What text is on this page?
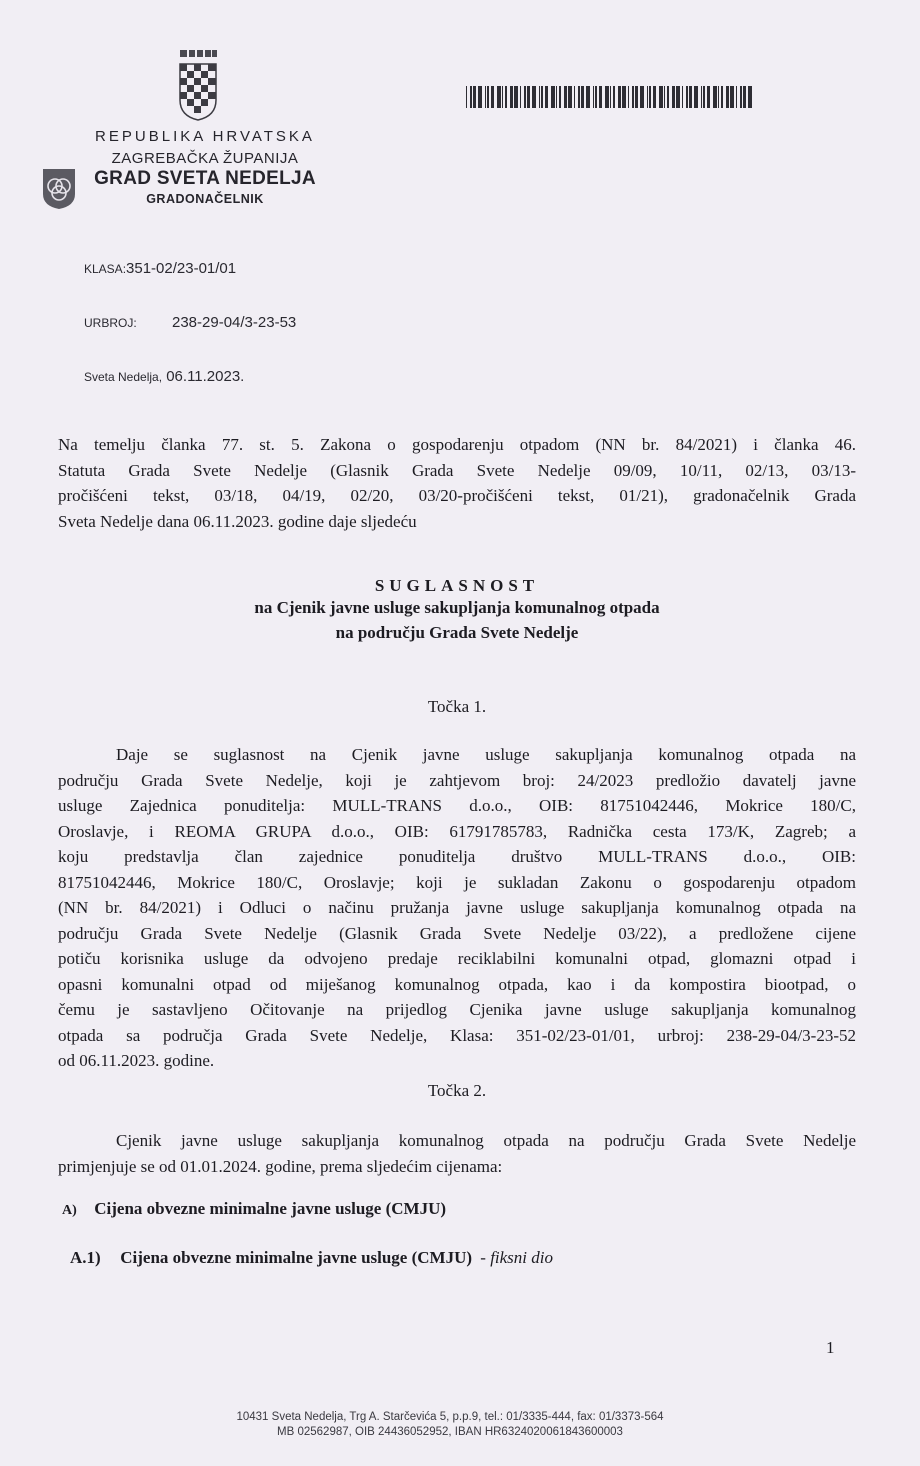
REPUBLIKA HRVATSKA
ZAGREBAČKA ŽUPANIJA
GRAD SVETA NEDELJA
GRADONAČELNIK
KLASA:351-02/23-01/01
URBROJ: 238-29-04/3-23-53
Sveta Nedelja, 06.11.2023.
Na temelju članka 77. st. 5. Zakona o gospodarenju otpadom (NN br. 84/2021) i članka 46.
Statuta Grada Svete Nedelje (Glasnik Grada Svete Nedelje 09/09, 10/11, 02/13, 03/13-
pročišćeni tekst, 03/18, 04/19, 02/20, 03/20-pročišćeni tekst, 01/21), gradonačelnik Grada
Sveta Nedelje dana 06.11.2023. godine daje sljedeću
SUGLASNOST
na Cjenik javne usluge sakupljanja komunalnog otpada
na području Grada Svete Nedelje
Točka 1.
Daje se suglasnost na Cjenik javne usluge sakupljanja komunalnog otpada na
području Grada Svete Nedelje, koji je zahtjevom broj: 24/2023 predložio davatelj javne
usluge Zajednica ponuditelja: MULL-TRANS d.o.o., OIB: 81751042446, Mokrice 180/C,
Oroslavje, i REOMA GRUPA d.o.o., OIB: 61791785783, Radnička cesta 173/K, Zagreb; a
koju predstavlja član zajednice ponuditelja društvo MULL-TRANS d.o.o., OIB:
81751042446, Mokrice 180/C, Oroslavje; koji je sukladan Zakonu o gospodarenju otpadom
(NN br. 84/2021) i Odluci o načinu pružanja javne usluge sakupljanja komunalnog otpada na
području Grada Svete Nedelje (Glasnik Grada Svete Nedelje 03/22), a predložene cijene
potiču korisnika usluge da odvojeno predaje reciklabilni komunalni otpad, glomazni otpad i
opasni komunalni otpad od miješanog komunalnog otpada, kao i da kompostira biootpad, o
čemu je sastavljeno Očitovanje na prijedlog Cjenika javne usluge sakupljanja komunalnog
otpada sa područja Grada Svete Nedelje, Klasa: 351-02/23-01/01, urbroj: 238-29-04/3-23-52
od 06.11.2023. godine.
Točka 2.
Cjenik javne usluge sakupljanja komunalnog otpada na području Grada Svete Nedelje
primjenjuje se od 01.01.2024. godine, prema sljedećim cijenama:
A) Cijena obvezne minimalne javne usluge (CMJU)
A.1) Cijena obvezne minimalne javne usluge (CMJU) - fiksni dio
1
10431 Sveta Nedelja, Trg A. Starčevića 5, p.p.9, tel.: 01/3335-444, fax: 01/3373-564
MB 02562987, OIB 24436052952, IBAN HR6324020061843600003
